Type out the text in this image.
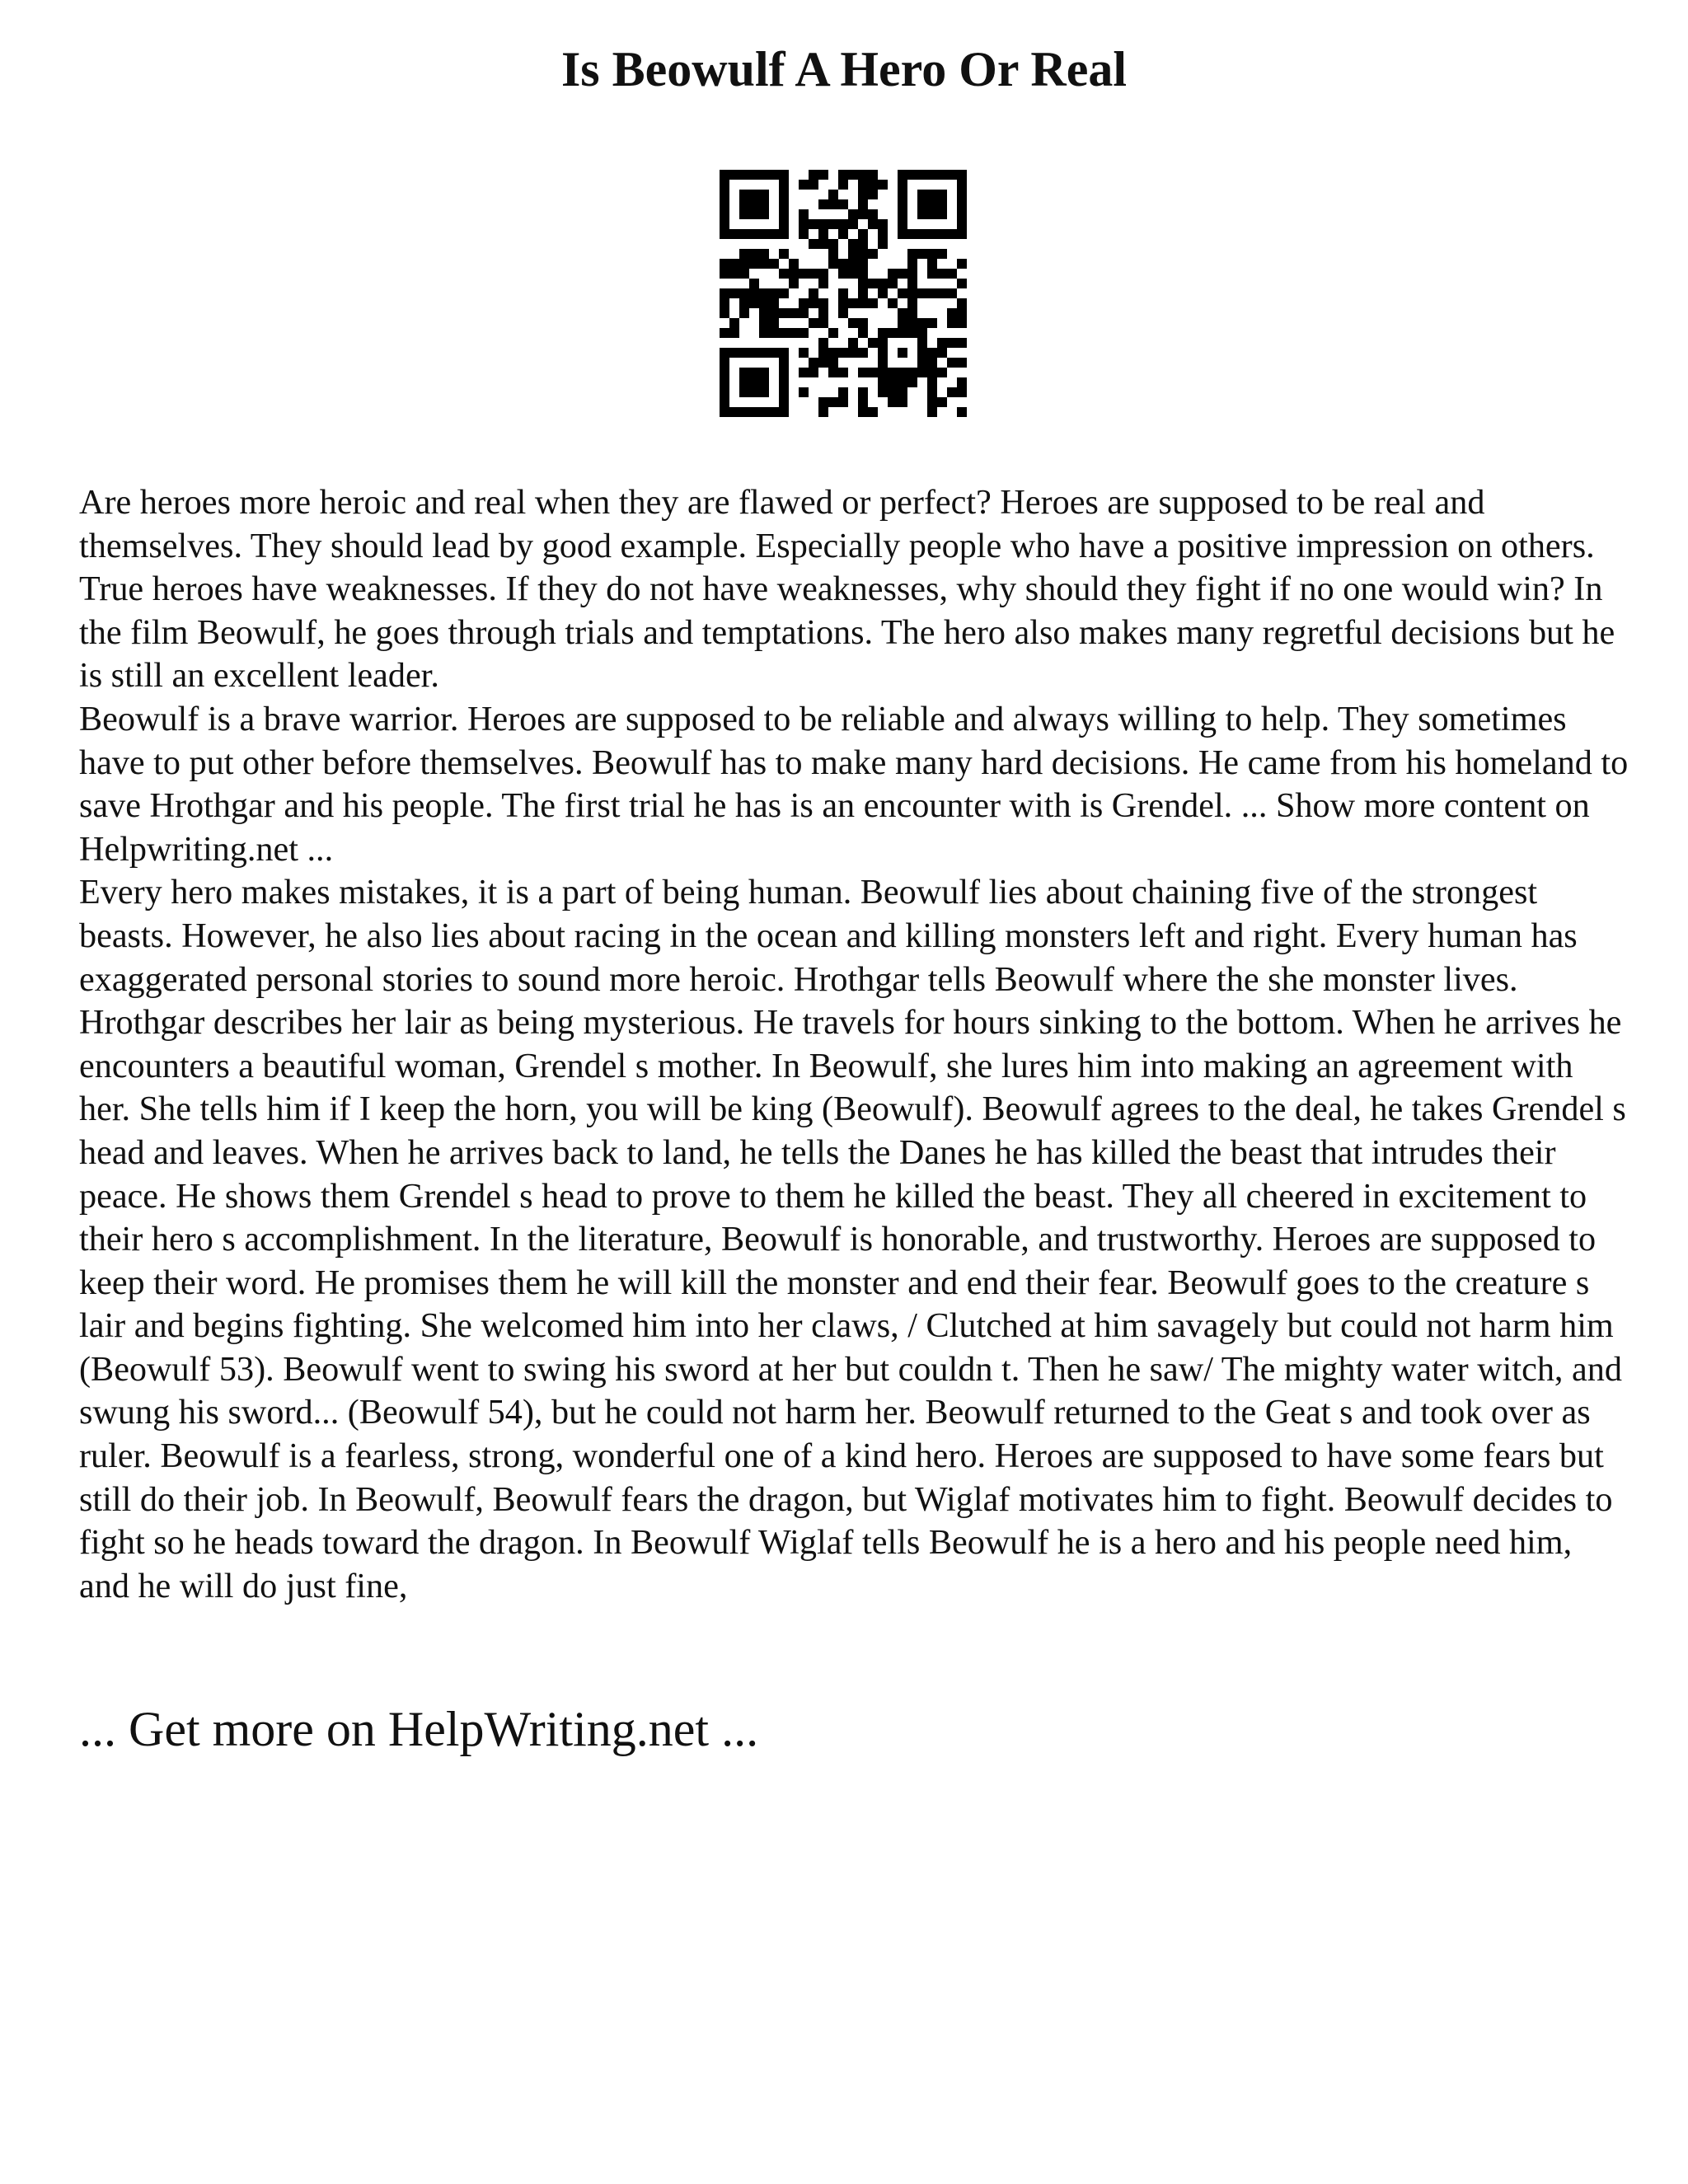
Is Beowulf A Hero Or Real

Are heroes more heroic and real when they are flawed or perfect? Heroes are supposed to be real and themselves. They should lead by good example. Especially people who have a positive impression on others. True heroes have weaknesses. If they do not have weaknesses, why should they fight if no one would win? In the film Beowulf, he goes through trials and temptations. The hero also makes many regretful decisions but he is still an excellent leader.

Beowulf is a brave warrior. Heroes are supposed to be reliable and always willing to help. They sometimes have to put other before themselves. Beowulf has to make many hard decisions. He came from his homeland to save Hrothgar and his people. The first trial he has is an encounter with is Grendel. ... Show more content on Helpwriting.net ...

Every hero makes mistakes, it is a part of being human. Beowulf lies about chaining five of the strongest beasts. However, he also lies about racing in the ocean and killing monsters left and right. Every human has exaggerated personal stories to sound more heroic. Hrothgar tells Beowulf where the she monster lives. Hrothgar describes her lair as being mysterious. He travels for hours sinking to the bottom. When he arrives he encounters a beautiful woman, Grendel s mother. In Beowulf, she lures him into making an agreement with her. She tells him if I keep the horn, you will be king (Beowulf). Beowulf agrees to the deal, he takes Grendel s head and leaves. When he arrives back to land, he tells the Danes he has killed the beast that intrudes their peace. He shows them Grendel s head to prove to them he killed the beast. They all cheered in excitement to their hero s accomplishment. In the literature, Beowulf is honorable, and trustworthy. Heroes are supposed to keep their word. He promises them he will kill the monster and end their fear. Beowulf goes to the creature s lair and begins fighting. She welcomed him into her claws, / Clutched at him savagely but could not harm him (Beowulf 53). Beowulf went to swing his sword at her but couldn t. Then he saw/ The mighty water witch, and swung his sword... (Beowulf 54), but he could not harm her. Beowulf returned to the Geat s and took over as ruler. Beowulf is a fearless, strong, wonderful one of a kind hero. Heroes are supposed to have some fears but still do their job. In Beowulf, Beowulf fears the dragon, but Wiglaf motivates him to fight. Beowulf decides to fight so he heads toward the dragon. In Beowulf Wiglaf tells Beowulf he is a hero and his people need him, and he will do just fine,

... Get more on HelpWriting.net ...
